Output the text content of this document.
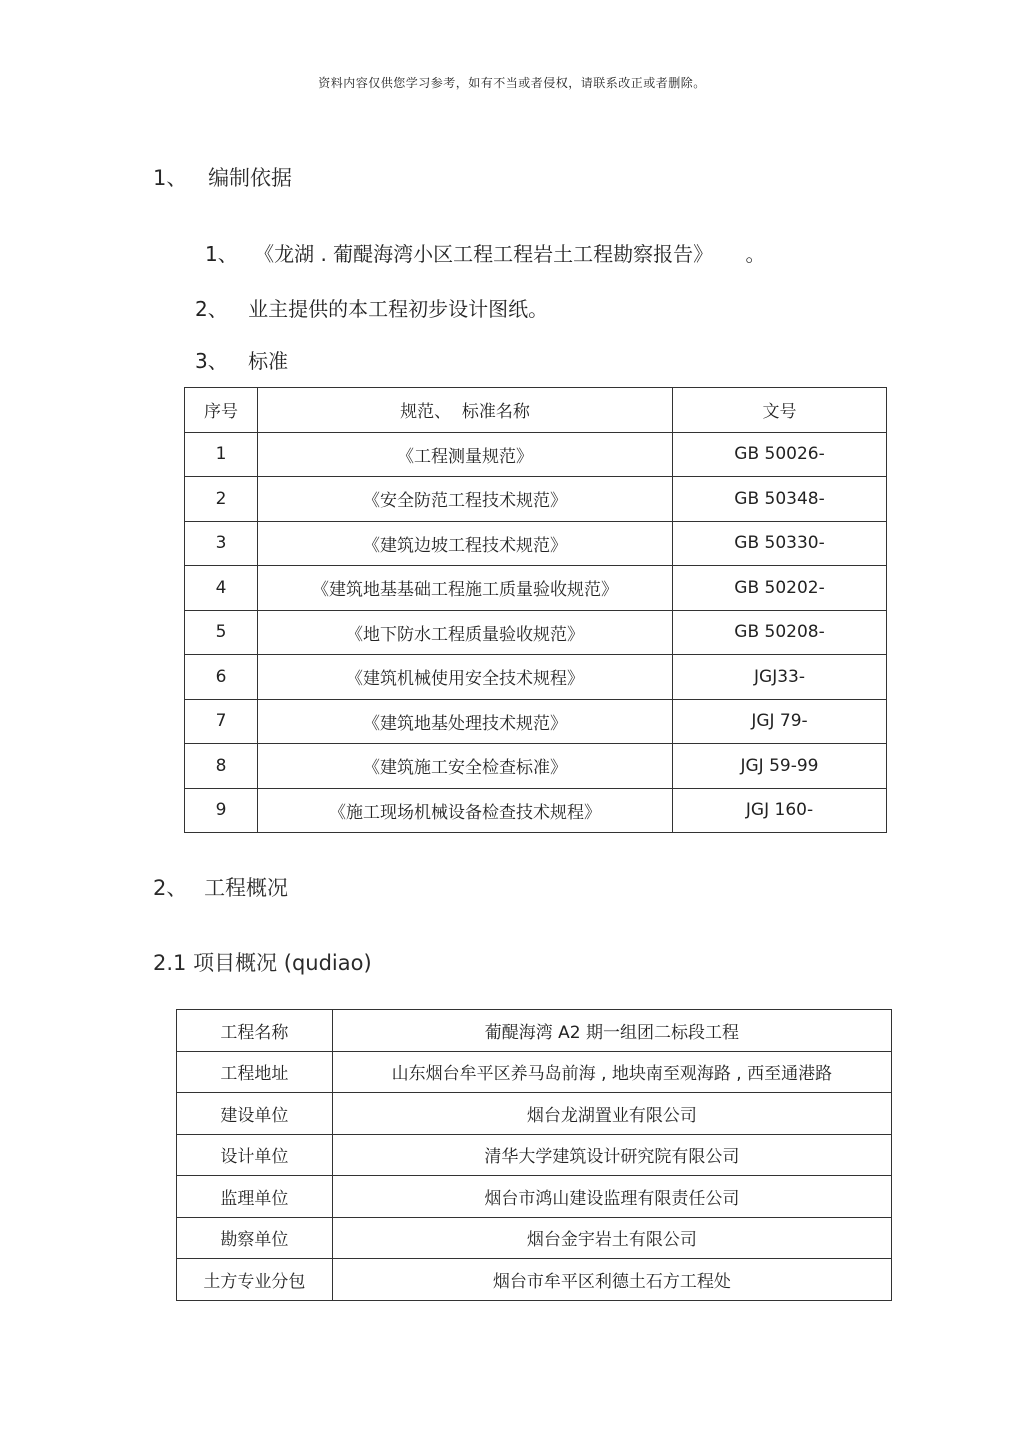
资料内容仅供您学习参考，如有不当或者侵权，请联系改正或者删除。
1、 编制依据
1、 《龙湖 . 葡醍海湾小区工程工程岩土工程勘察报告》 。
2、 业主提供的本工程初步设计图纸。
3、 标准
序号	规范、  标准名称	文号
1	《工程测量规范》	GB 50026-
2	《安全防范工程技术规范》	GB 50348-
3	《建筑边坡工程技术规范》	GB 50330-
4	《建筑地基基础工程施工质量验收规范》	GB 50202-
5	《地下防水工程质量验收规范》	GB 50208-
6	《建筑机械使用安全技术规程》	JGJ33-
7	《建筑地基处理技术规范》	JGJ 79-
8	《建筑施工安全检查标准》	JGJ 59-99
9	《施工现场机械设备检查技术规程》	JGJ 160-
2、 工程概况
2.1 项目概况 (qudiao)
工程名称	葡醍海湾 A2 期一组团二标段工程
工程地址	山东烟台牟平区养马岛前海 , 地块南至观海路 , 西至通港路
建设单位	烟台龙湖置业有限公司
设计单位	清华大学建筑设计研究院有限公司
监理单位	烟台市鸿山建设监理有限责任公司
勘察单位	烟台金宇岩土有限公司
土方专业分包	烟台市牟平区利德土石方工程处
